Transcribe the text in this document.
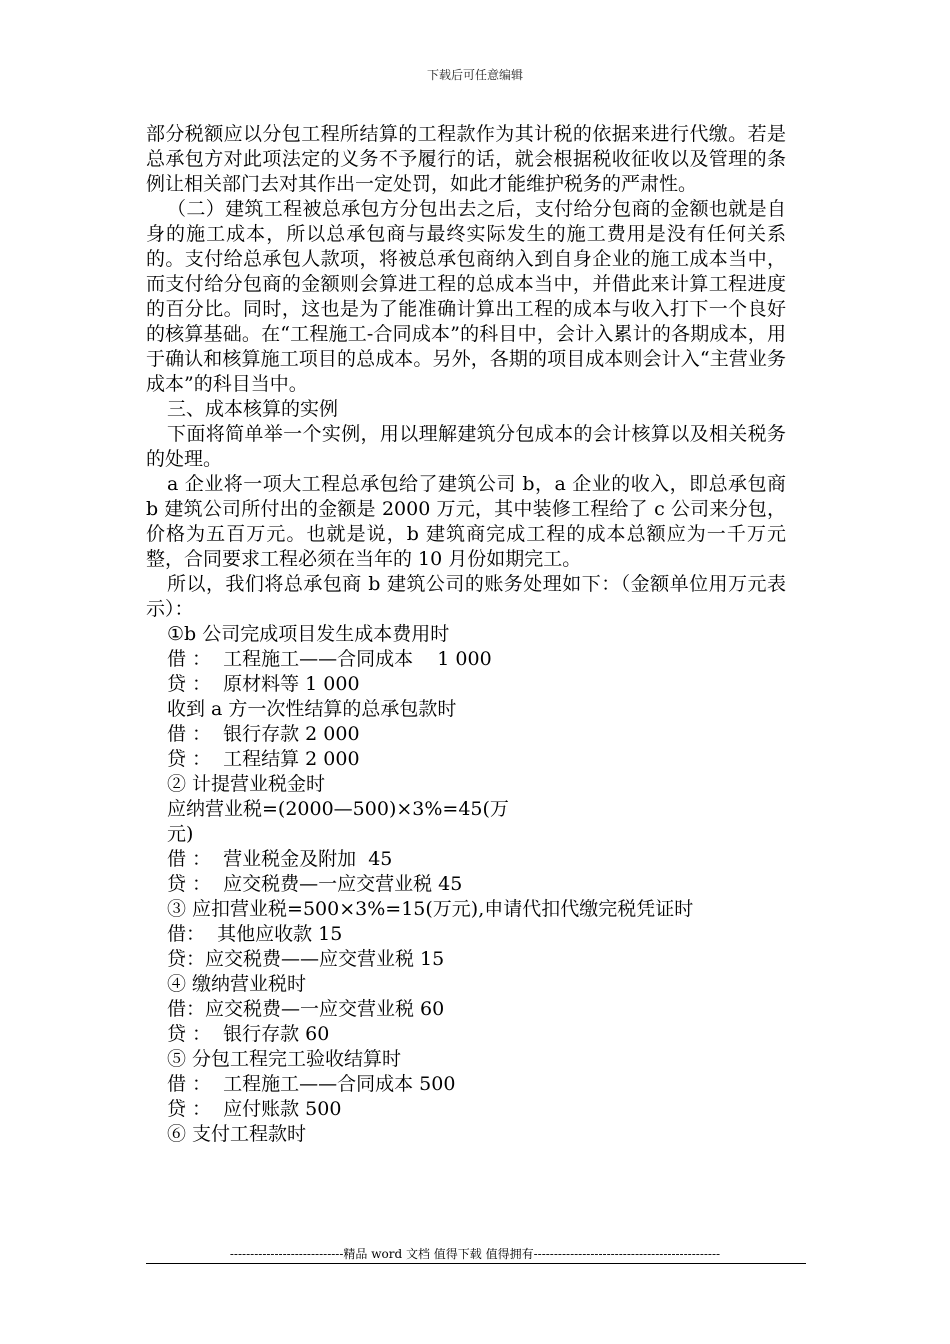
下载后可任意编辑

部分税额应以分包工程所结算的工程款作为其计税的依据来进行代缴。若是总承包方对此项法定的义务不予履行的话，就会根据税收征收以及管理的条例让相关部门去对其作出一定处罚，如此才能维护税务的严肃性。

（二）建筑工程被总承包方分包出去之后，支付给分包商的金额也就是自身的施工成本，所以总承包商与最终实际发生的施工费用是没有任何关系的。支付给总承包人款项，将被总承包商纳入到自身企业的施工成本当中，而支付给分包商的金额则会算进工程的总成本当中，并借此来计算工程进度的百分比。同时，这也是为了能准确计算出工程的成本与收入打下一个良好的核算基础。在“工程施工-合同成本”的科目中，会计入累计的各期成本，用于确认和核算施工项目的总成本。另外，各期的项目成本则会计入“主营业务成本”的科目当中。

三、成本核算的实例

下面将简单举一个实例，用以理解建筑分包成本的会计核算以及相关税务的处理。

a 企业将一项大工程总承包给了建筑公司 b，a 企业的收入，即总承包商 b 建筑公司所付出的金额是 2000 万元，其中装修工程给了 c 公司来分包，价格为五百万元。也就是说，b 建筑商完成工程的成本总额应为一千万元整，合同要求工程必须在当年的 10 月份如期完工。

所以，我们将总承包商 b 建筑公司的账务处理如下：（金额单位用万元表示）：

①b 公司完成项目发生成本费用时

借 ：  工程施工——合同成本    1 000

贷 ：  原材料等 1 000

收到 a 方一次性结算的总承包款时

借 ：  银行存款 2 000

贷 ：  工程结算 2 000

② 计提营业税金时

应纳营业税=(2000—500)×3%=45(万元)

借 ：  营业税金及附加  45

贷 ：  应交税费—一应交营业税 45

③ 应扣营业税=500×3%=15(万元),申请代扣代缴完税凭证时

借：  其他应收款 15

贷：应交税费——应交营业税 15

④ 缴纳营业税时

借：应交税费—一应交营业税 60

贷 ：  银行存款 60

⑤ 分包工程完工验收结算时

借 ：  工程施工——合同成本 500

贷 ：  应付账款 500

⑥ 支付工程款时

----------------------------精品 word 文档 值得下载 值得拥有----------------------------------------------
